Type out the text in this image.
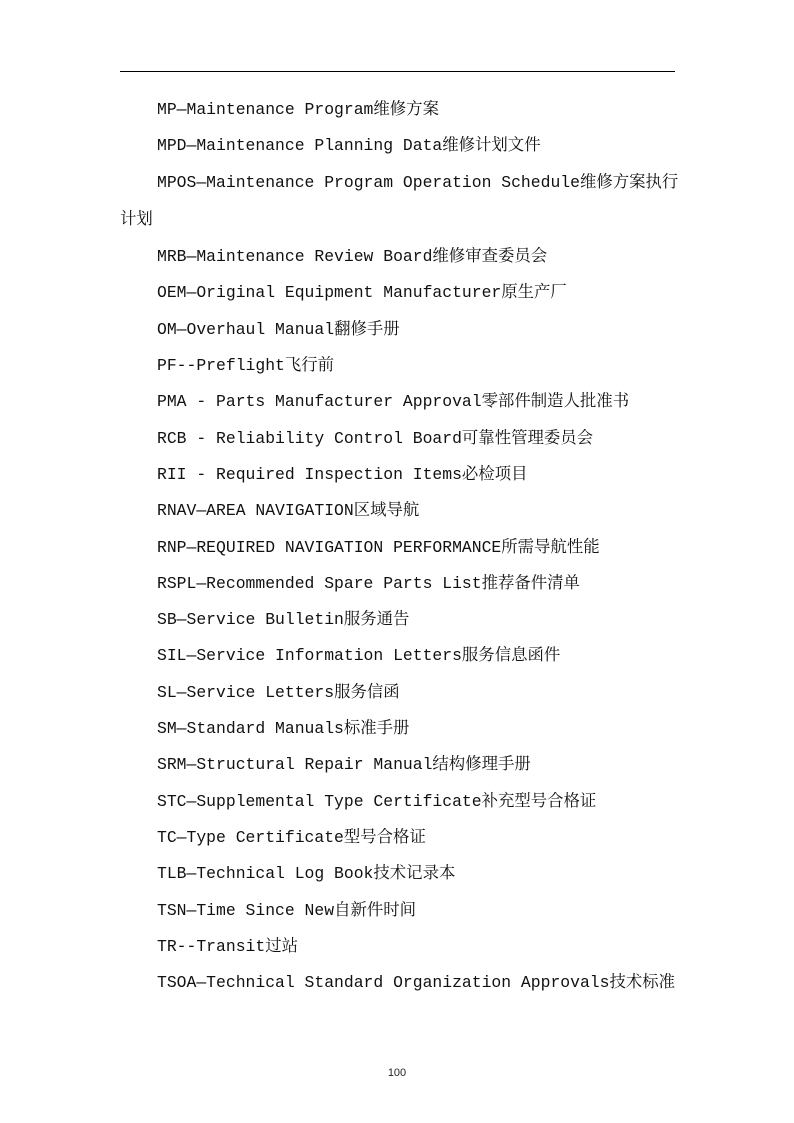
MP—Maintenance Program维修方案
MPD—Maintenance Planning Data维修计划文件
MPOS—Maintenance Program Operation Schedule维修方案执行计划
MRB—Maintenance Review Board维修审查委员会
OEM—Original Equipment Manufacturer原生产厂
OM—Overhaul Manual翻修手册
PF--Preflight飞行前
PMA - Parts Manufacturer Approval零部件制造人批准书
RCB - Reliability Control Board可靠性管理委员会
RII - Required Inspection Items必检项目
RNAV—AREA NAVIGATION区域导航
RNP—REQUIRED NAVIGATION PERFORMANCE所需导航性能
RSPL—Recommended Spare Parts List推荐备件清单
SB—Service Bulletin服务通告
SIL—Service Information Letters服务信息函件
SL—Service Letters服务信函
SM—Standard Manuals标准手册
SRM—Structural Repair Manual结构修理手册
STC—Supplemental Type Certificate补充型号合格证
TC—Type Certificate型号合格证
TLB—Technical Log Book技术记录本
TSN—Time Since New自新件时间
TR--Transit过站
TSOA—Technical Standard Organization Approvals技术标准
100
